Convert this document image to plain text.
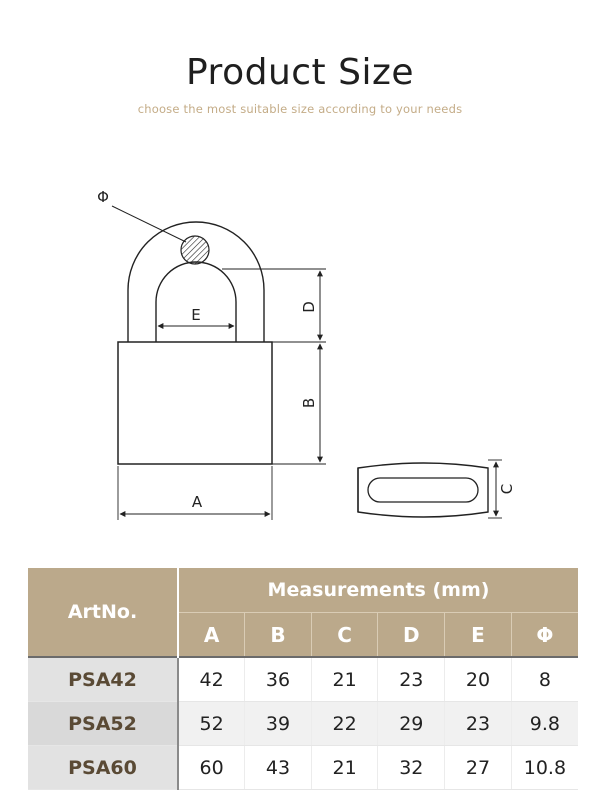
Product Size
choose the most suitable size according to your needs
Φ
E	D
B
A
C
ArtNo.	Measurements (mm)					
	A	B	C	D	E	Φ
PSA42	42	36	21	23	20	8
PSA52	52	39	22	29	23	9.8
PSA60	60	43	21	32	27	10.8
